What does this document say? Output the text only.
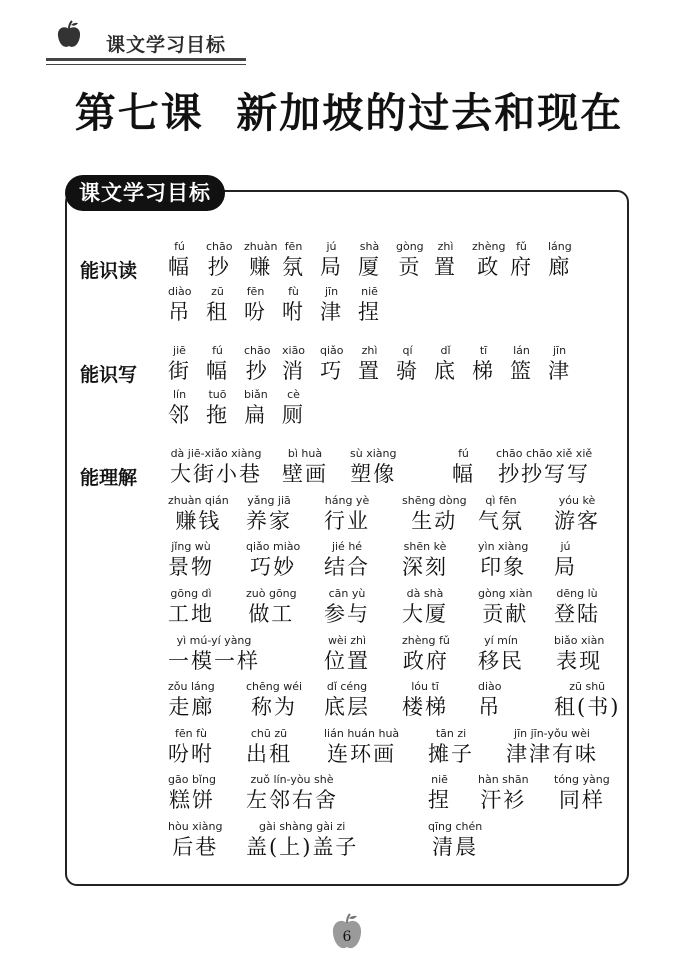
课文学习目标
第七课  新加坡的过去和现在
课文学习目标
能识读
能识写
能理解
fú
幅
chāo
抄
zhuàn
赚
fēn
氛
jú
局
shà
厦
gòng
贡
zhì
置
zhèng
政
fǔ
府
láng
廊
diào
吊
zū
租
fēn
吩
fù
咐
jīn
津
niē
捏
jiē
街
fú
幅
chāo
抄
xiāo
消
qiǎo
巧
zhì
置
qí
骑
dǐ
底
tī
梯
lán
篮
jīn
津
lín
邻
tuō
拖
biǎn
扁
cè
厕
dà jiē-xiǎo xiàng
大街小巷
bì huà
壁画
sù xiàng
塑像
fú
幅
chāo chāo xiě xiě
抄抄写写
zhuàn qián
赚钱
yǎng jiā
养家
háng yè
行业
shēng dòng
生动
qì fēn
气氛
yóu kè
游客
jǐng wù
景物
qiǎo miào
巧妙
jié hé
结合
shēn kè
深刻
yìn xiàng
印象
jú
局
gōng dì
工地
zuò gōng
做工
cān yù
参与
dà shà
大厦
gòng xiàn
贡献
dēng lù
登陆
yì mú-yí yàng
一模一样
wèi zhì
位置
zhèng fǔ
政府
yí mín
移民
biǎo xiàn
表现
zǒu láng
走廊
chēng wéi
称为
dǐ céng
底层
lóu tī
楼梯
diào
吊
zū shū
租(书)
fēn fù
吩咐
chū zū
出租
lián huán huà
连环画
tān zi
摊子
jīn jīn-yǒu wèi
津津有味
gāo bǐng
糕饼
zuǒ lín-yòu shè
左邻右舍
niē
捏
hàn shān
汗衫
tóng yàng
同样
hòu xiàng
后巷
gài shàng gài zi
盖(上)盖子
qīng chén
清晨
6
